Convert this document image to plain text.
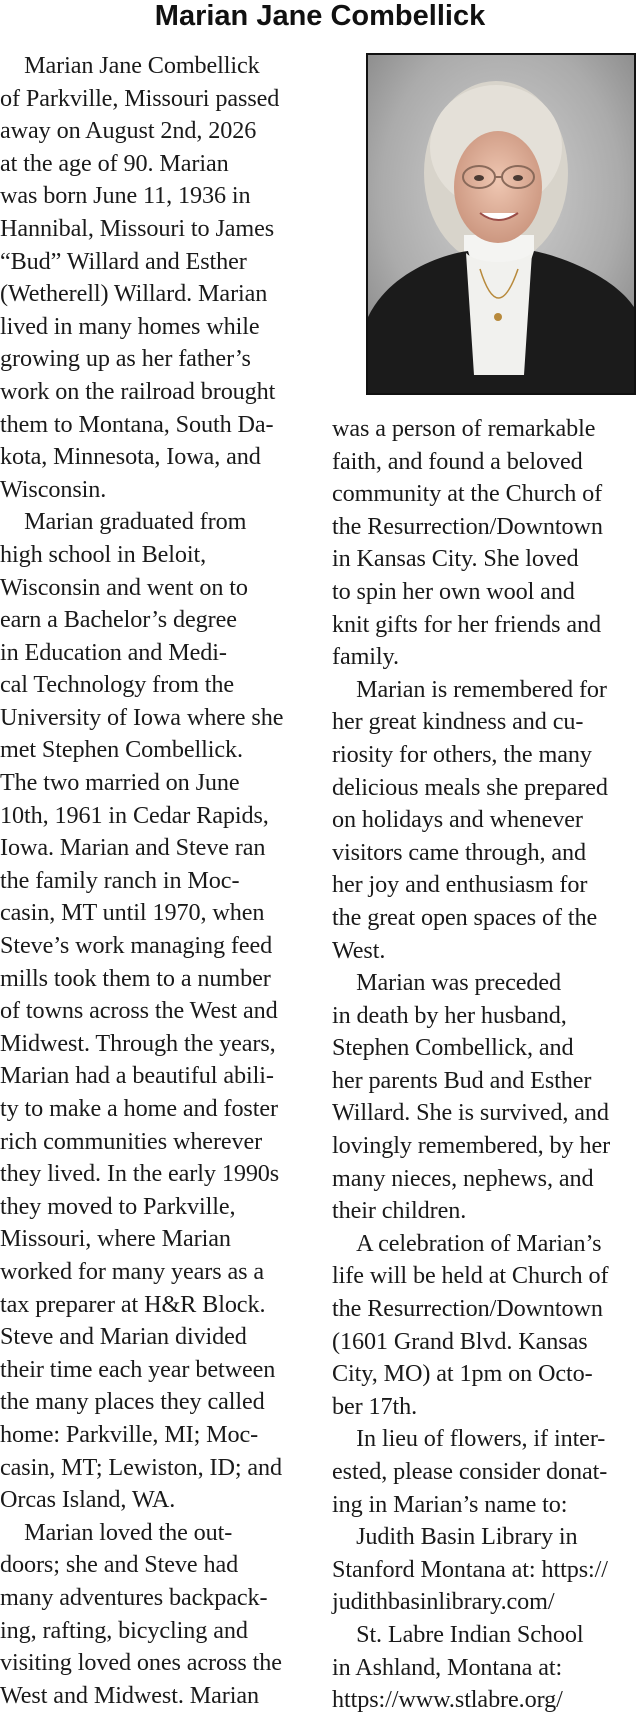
Marian Jane Combellick
 Marian Jane Combellick
of Parkville, Missouri passed
away on August 2nd, 2026
at the age of 90. Marian
was born June 11, 1936 in
Hannibal, Missouri to James
“Bud” Willard and Esther
(Wetherell) Willard. Marian
lived in many homes while
growing up as her father’s
work on the railroad brought
them to Montana, South Da-
kota, Minnesota, Iowa, and
Wisconsin.
 Marian graduated from
high school in Beloit,
Wisconsin and went on to
earn a Bachelor’s degree
in Education and Medi-
cal Technology from the
University of Iowa where she
met Stephen Combellick.
The two married on June
10th, 1961 in Cedar Rapids,
Iowa. Marian and Steve ran
the family ranch in Moc-
casin, MT until 1970, when
Steve’s work managing feed
mills took them to a number
of towns across the West and
Midwest. Through the years,
Marian had a beautiful abili-
ty to make a home and foster
rich communities wherever
they lived. In the early 1990s
they moved to Parkville,
Missouri, where Marian
worked for many years as a
tax preparer at H&R Block.
Steve and Marian divided
their time each year between
the many places they called
home: Parkville, MI; Moc-
casin, MT; Lewiston, ID; and
Orcas Island, WA.
 Marian loved the out-
doors; she and Steve had
many adventures backpack-
ing, rafting, bicycling and
visiting loved ones across the
West and Midwest. Marian
was a person of remarkable
faith, and found a beloved
community at the Church of
the Resurrection/Downtown
in Kansas City. She loved
to spin her own wool and
knit gifts for her friends and
family.
 Marian is remembered for
her great kindness and cu-
riosity for others, the many
delicious meals she prepared
on holidays and whenever
visitors came through, and
her joy and enthusiasm for
the great open spaces of the
West.
 Marian was preceded
in death by her husband,
Stephen Combellick, and
her parents Bud and Esther
Willard. She is survived, and
lovingly remembered, by her
many nieces, nephews, and
their children.
 A celebration of Marian’s
life will be held at Church of
the Resurrection/Downtown
(1601 Grand Blvd. Kansas
City, MO) at 1pm on Octo-
ber 17th.
 In lieu of flowers, if inter-
ested, please consider donat-
ing in Marian’s name to:
 Judith Basin Library in
Stanford Montana at: https://
judithbasinlibrary.com/
 St. Labre Indian School
in Ashland, Montana at:
https://www.stlabre.org/
